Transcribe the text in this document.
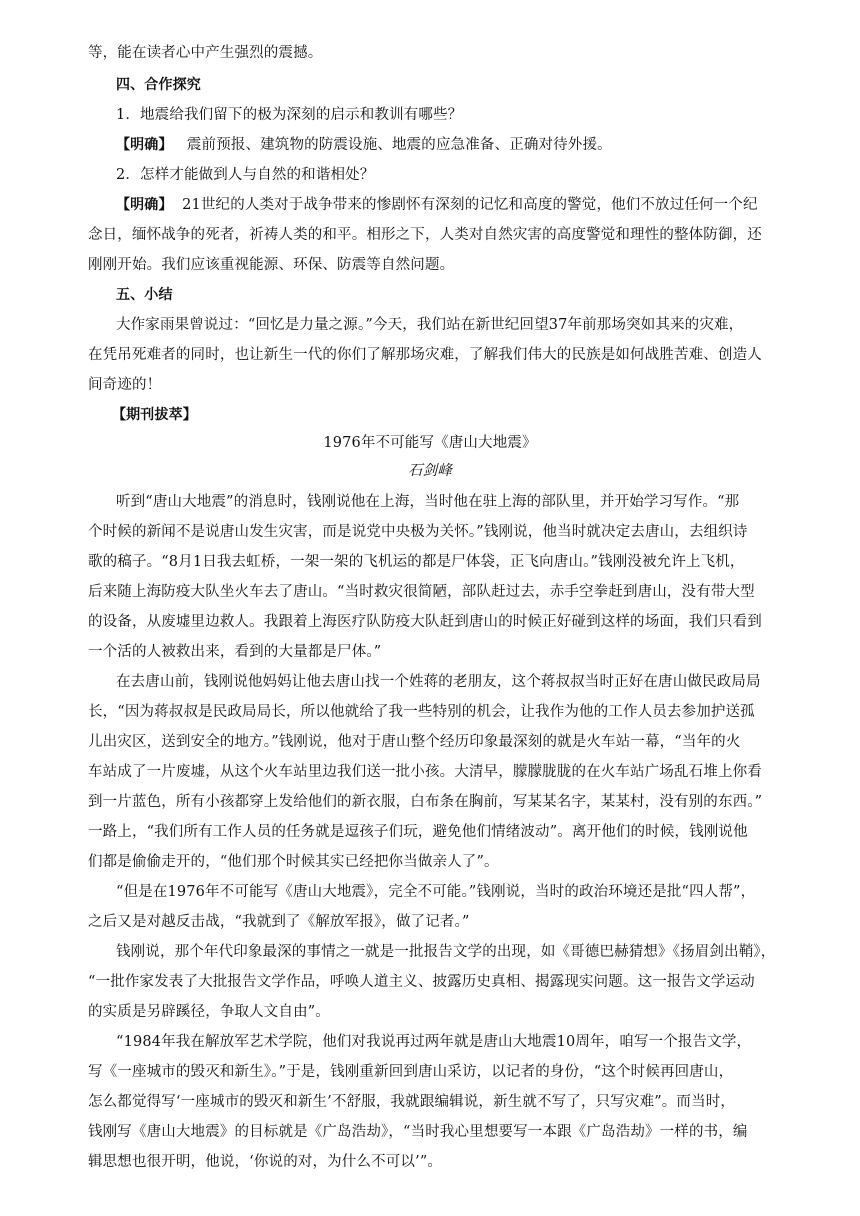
等，能在读者心中产生强烈的震撼。
四、合作探究
1．地震给我们留下的极为深刻的启示和教训有哪些？
【明确】 震前预报、建筑物的防震设施、地震的应急准备、正确对待外援。
2．怎样才能做到人与自然的和谐相处？
【明确】 21世纪的人类对于战争带来的惨剧怀有深刻的记忆和高度的警觉，他们不放过任何一个纪
念日，缅怀战争的死者，祈祷人类的和平。相形之下，人类对自然灾害的高度警觉和理性的整体防御，还
刚刚开始。我们应该重视能源、环保、防震等自然问题。
五、小结
大作家雨果曾说过：“回忆是力量之源。”今天，我们站在新世纪回望37年前那场突如其来的灾难，
在凭吊死难者的同时，也让新生一代的你们了解那场灾难，了解我们伟大的民族是如何战胜苦难、创造人
间奇迹的！
【期刊拔萃】
1976年不可能写《唐山大地震》
石剑峰
听到“唐山大地震”的消息时，钱刚说他在上海，当时他在驻上海的部队里，并开始学习写作。“那
个时候的新闻不是说唐山发生灾害，而是说党中央极为关怀。”钱刚说，他当时就决定去唐山，去组织诗
歌的稿子。“8月1日我去虹桥，一架一架的飞机运的都是尸体袋，正飞向唐山。”钱刚没被允许上飞机，
后来随上海防疫大队坐火车去了唐山。“当时救灾很简陋，部队赶过去，赤手空拳赶到唐山，没有带大型
的设备，从废墟里边救人。我跟着上海医疗队防疫大队赶到唐山的时候正好碰到这样的场面，我们只看到
一个活的人被救出来，看到的大量都是尸体。”
在去唐山前，钱刚说他妈妈让他去唐山找一个姓蒋的老朋友，这个蒋叔叔当时正好在唐山做民政局局
长，“因为蒋叔叔是民政局局长，所以他就给了我一些特别的机会，让我作为他的工作人员去参加护送孤
儿出灾区，送到安全的地方。”钱刚说，他对于唐山整个经历印象最深刻的就是火车站一幕，“当年的火
车站成了一片废墟，从这个火车站里边我们送一批小孩。大清早，朦朦胧胧的在火车站广场乱石堆上你看
到一片蓝色，所有小孩都穿上发给他们的新衣服，白布条在胸前，写某某名字，某某村，没有别的东西。”
一路上，“我们所有工作人员的任务就是逗孩子们玩，避免他们情绪波动”。离开他们的时候，钱刚说他
们都是偷偷走开的，“他们那个时候其实已经把你当做亲人了”。
“但是在1976年不可能写《唐山大地震》，完全不可能。”钱刚说，当时的政治环境还是批“四人帮”，
之后又是对越反击战，“我就到了《解放军报》，做了记者。”
钱刚说，那个年代印象最深的事情之一就是一批报告文学的出现，如《哥德巴赫猜想》《扬眉剑出鞘》，
“一批作家发表了大批报告文学作品，呼唤人道主义、披露历史真相、揭露现实问题。这一报告文学运动
的实质是另辟蹊径，争取人文自由”。
“1984年我在解放军艺术学院，他们对我说再过两年就是唐山大地震10周年，咱写一个报告文学，
写《一座城市的毁灭和新生》。”于是，钱刚重新回到唐山采访，以记者的身份，“这个时候再回唐山，
怎么都觉得写‘一座城市的毁灭和新生’不舒服，我就跟编辑说，新生就不写了，只写灾难”。而当时，
钱刚写《唐山大地震》的目标就是《广岛浩劫》，“当时我心里想要写一本跟《广岛浩劫》一样的书，编
辑思想也很开明，他说，‘你说的对，为什么不可以’”。
